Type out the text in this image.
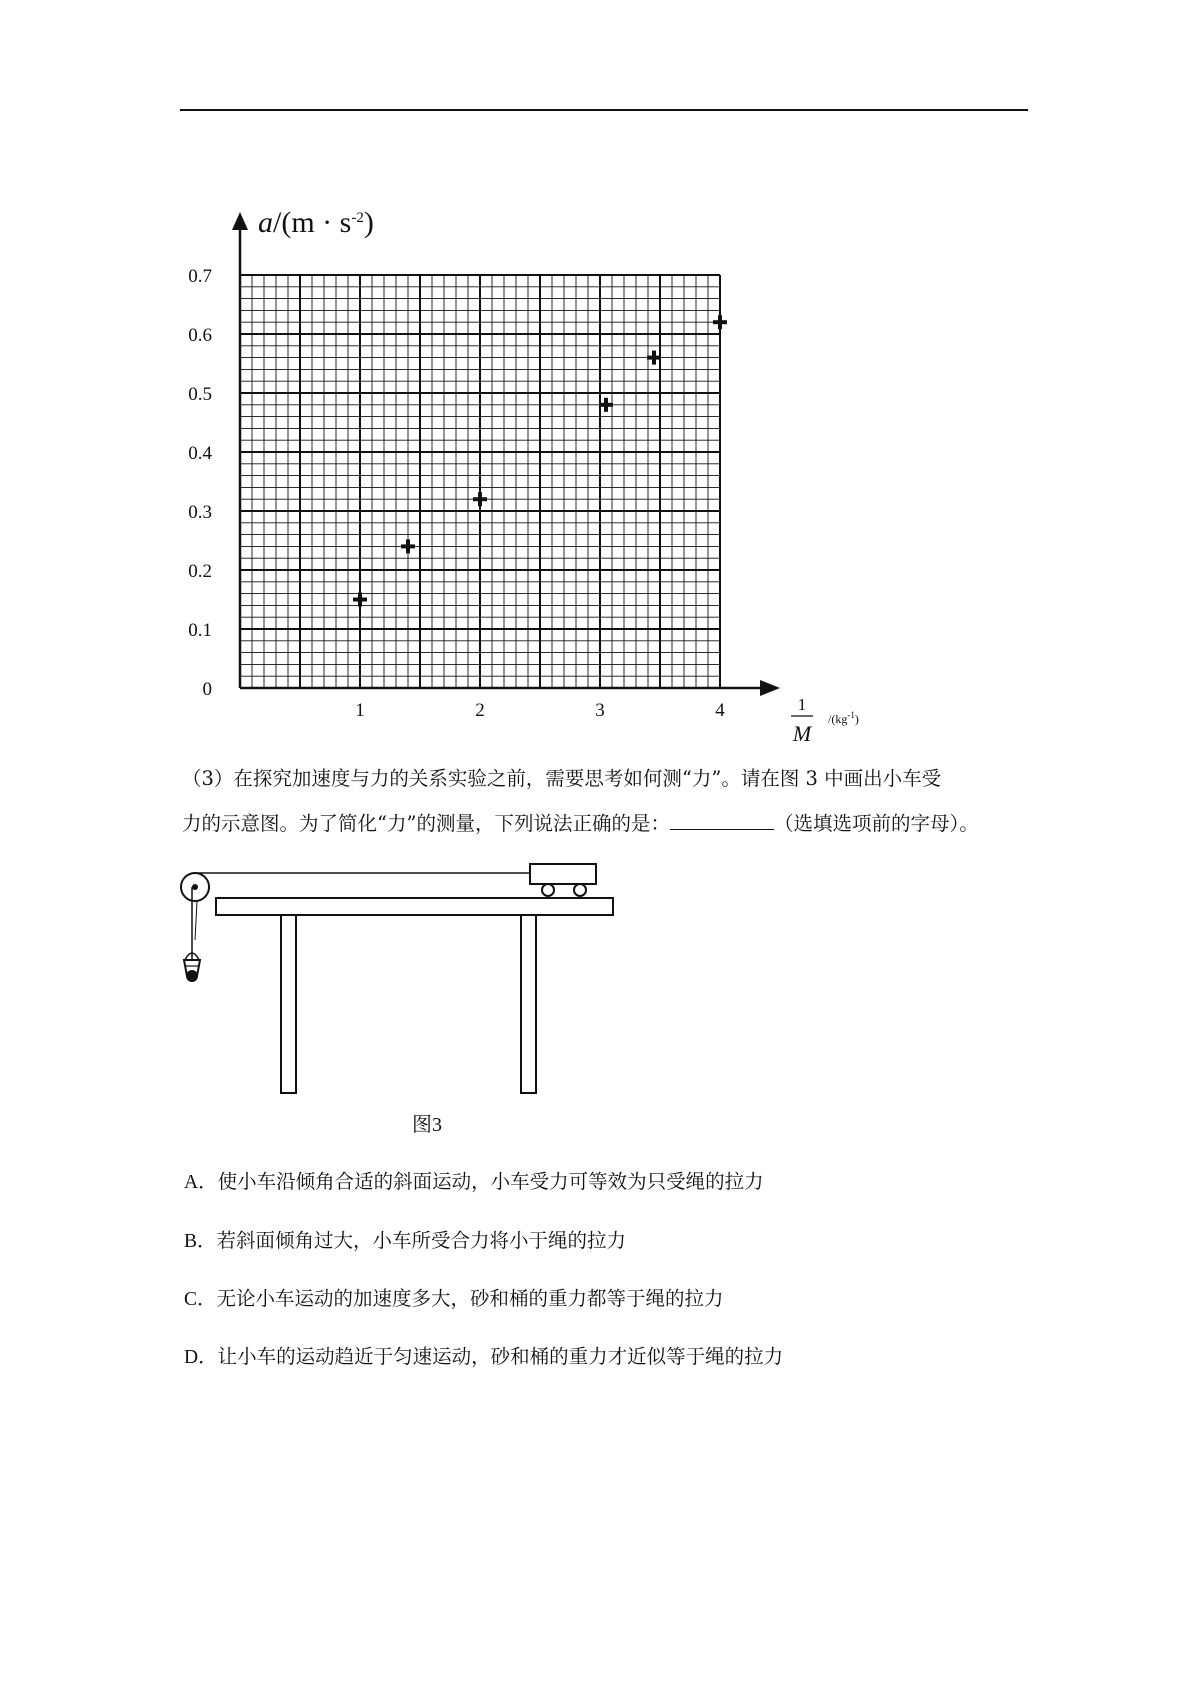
$a/(m \cdot s^{-2})$
1
M
$/(kg^{-1})$
0
0.1
0.2
0.3
0.4
0.5
0.6
0.7
1	2	3	4
（3）在探究加速度与力的关系实验之前，需要思考如何测“力”。请在图 3 中画出小车受
力的示意图。为了简化“力”的测量，下列说法正确的是：	（选填选项前的字母）。
图3
A．使小车沿倾角合适的斜面运动，小车受力可等效为只受绳的拉力
B．若斜面倾角过大，小车所受合力将小于绳的拉力
C．无论小车运动的加速度多大，砂和桶的重力都等于绳的拉力
D．让小车的运动趋近于匀速运动，砂和桶的重力才近似等于绳的拉力
